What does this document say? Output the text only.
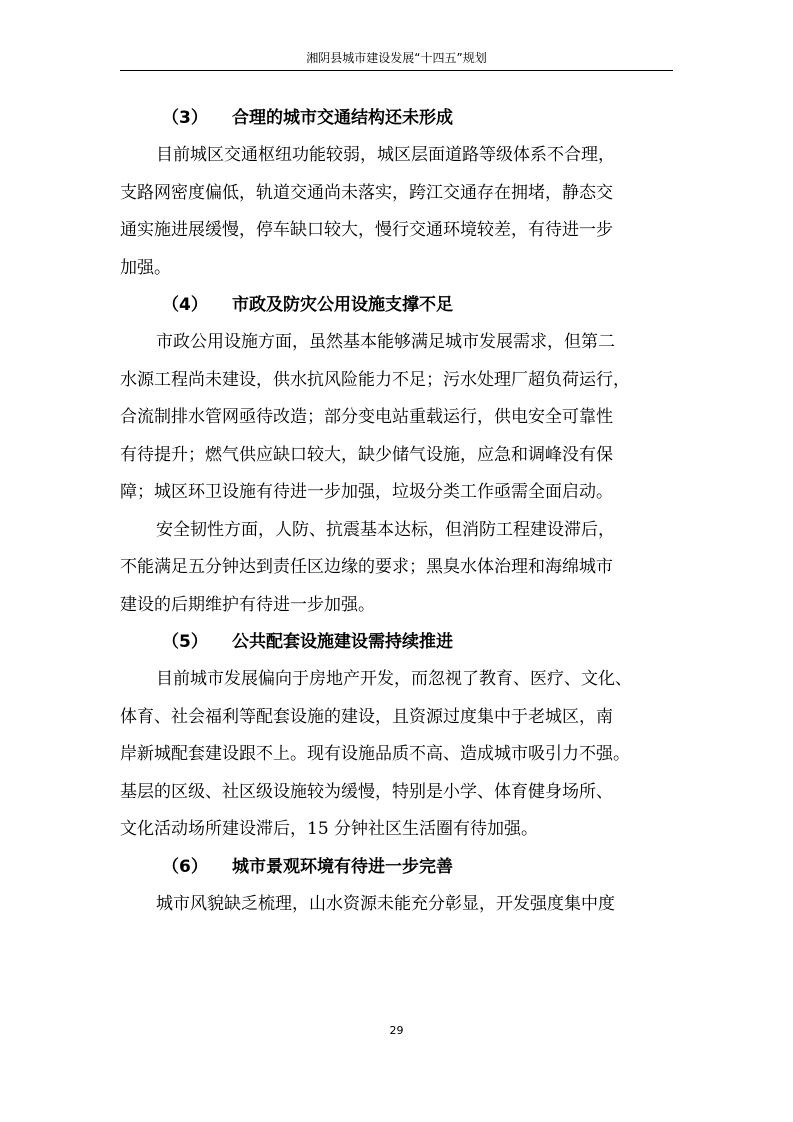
湘阴县城市建设发展“十四五”规划
（3） 合理的城市交通结构还未形成
目前城区交通枢纽功能较弱，城区层面道路等级体系不合理，
支路网密度偏低，轨道交通尚未落实，跨江交通存在拥堵，静态交
通实施进展缓慢，停车缺口较大，慢行交通环境较差，有待进一步
加强。
（4） 市政及防灾公用设施支撑不足
市政公用设施方面，虽然基本能够满足城市发展需求，但第二
水源工程尚未建设，供水抗风险能力不足；污水处理厂超负荷运行，
合流制排水管网亟待改造；部分变电站重载运行，供电安全可靠性
有待提升；燃气供应缺口较大，缺少储气设施，应急和调峰没有保
障；城区环卫设施有待进一步加强，垃圾分类工作亟需全面启动。
安全韧性方面，人防、抗震基本达标，但消防工程建设滞后，
不能满足五分钟达到责任区边缘的要求；黑臭水体治理和海绵城市
建设的后期维护有待进一步加强。
（5） 公共配套设施建设需持续推进
目前城市发展偏向于房地产开发，而忽视了教育、医疗、文化、
体育、社会福利等配套设施的建设，且资源过度集中于老城区，南
岸新城配套建设跟不上。现有设施品质不高、造成城市吸引力不强。
基层的区级、社区级设施较为缓慢，特别是小学、体育健身场所、
文化活动场所建设滞后，15 分钟社区生活圈有待加强。
（6） 城市景观环境有待进一步完善
城市风貌缺乏梳理，山水资源未能充分彰显，开发强度集中度
29
